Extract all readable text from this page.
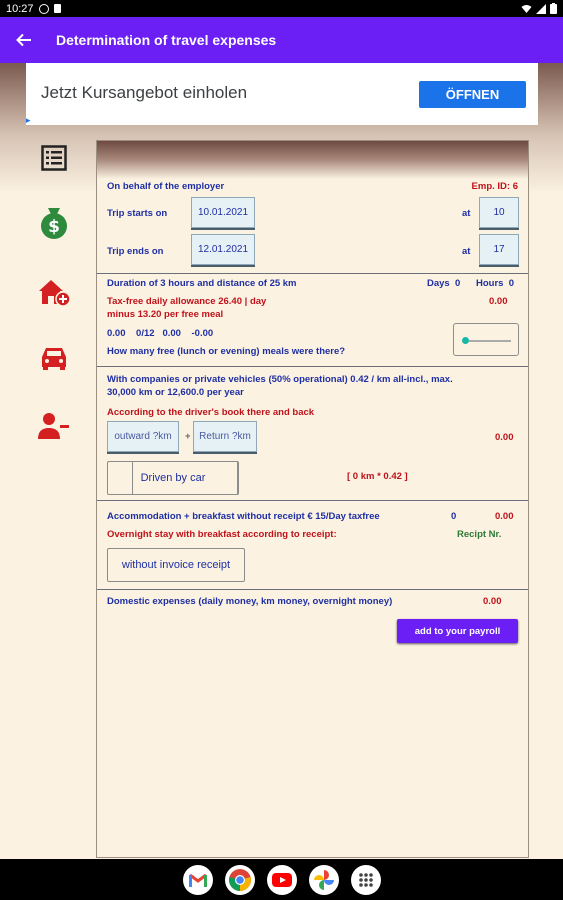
10:27
Determination of travel expenses
Jetzt Kursangebot einholen	ÖFFNEN
▸
$
On behalf of the employer	Emp. ID: 6
Trip starts on	10.01.2021	at	10
Trip ends on	12.01.2021	at	17
Duration of 3 hours and distance of 25 km	Days  0 Hours  0
Tax-free daily allowance 26.40 | day
minus 13.20 per free meal
0.00
0.00    0/12   0.00    -0.00
How many free (lunch or evening) meals were there?
With companies or private vehicles (50% operational) 0.42 / km all-incl., max.
30,000 km or 12,600.0 per year
According to the driver's book there and back
outward ?km	+ Return ?km	0.00
Driven by car	[ 0 km * 0.42 ]
Accommodation + breakfast without receipt € 15/Day taxfree	0	0.00
Overnight stay with breakfast according to receipt:	Recipt Nr.
without invoice receipt
Domestic expenses (daily money, km money, overnight money)	0.00
add to your payroll
